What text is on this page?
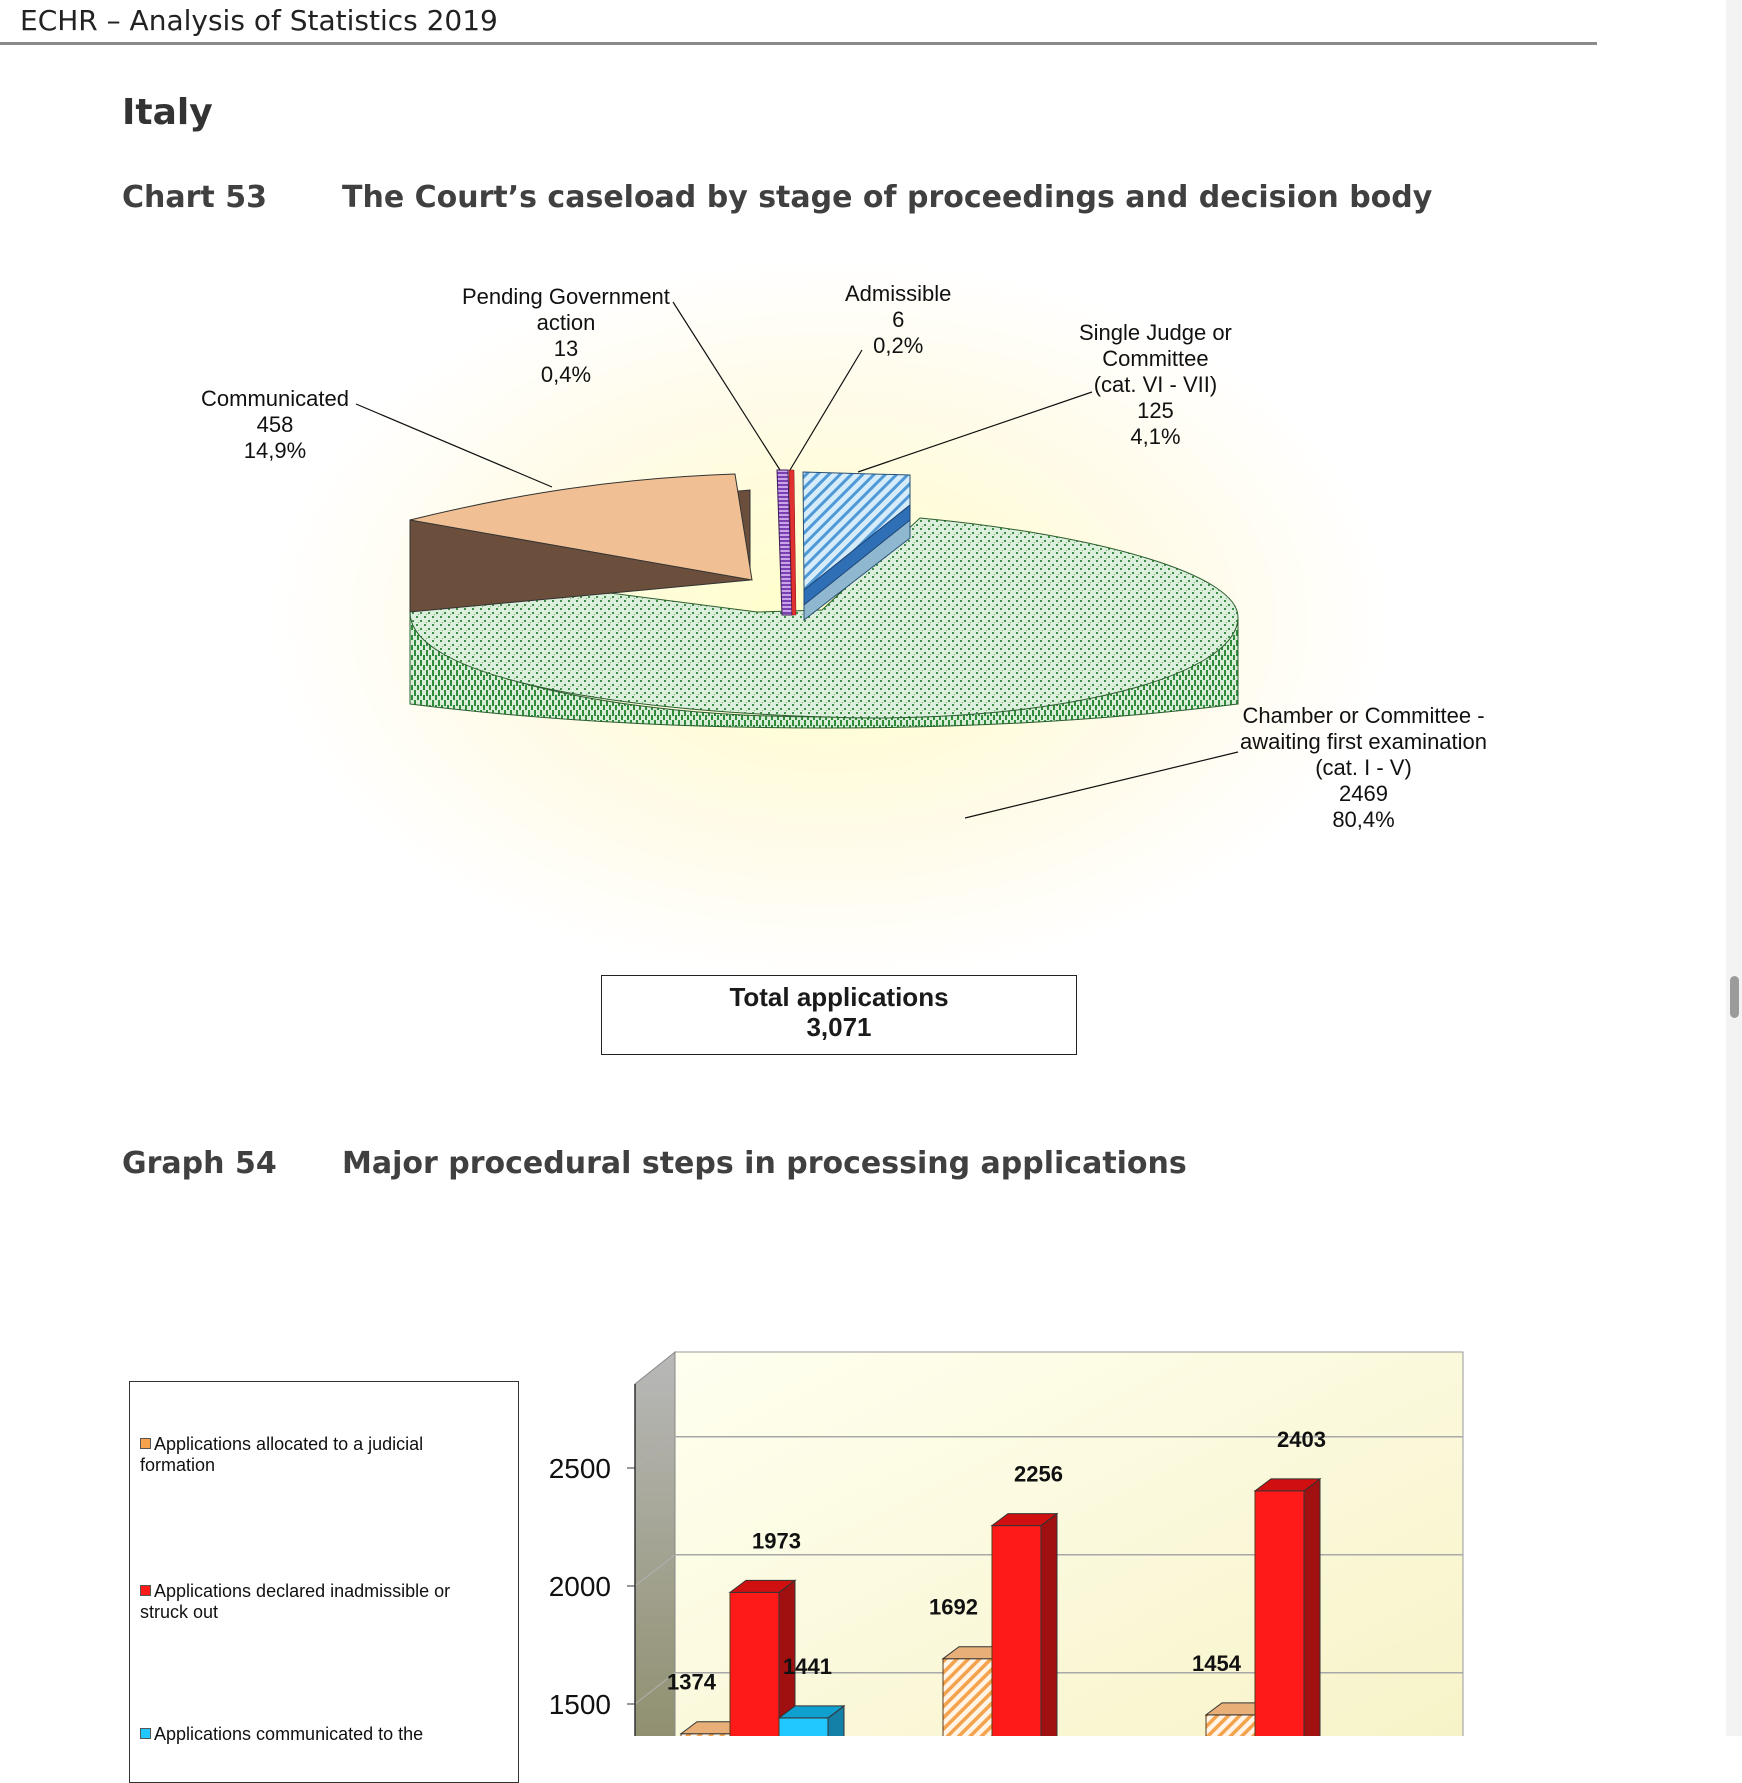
ECHR – Analysis of Statistics 2019
Italy
Chart 53	The Court’s caseload by stage of proceedings and decision body
Pending Government
action
13
0,4%
Admissible
6
0,2%
Single Judge or
Committee
(cat. VI - VII)
125
4,1%
Communicated
458
14,9%
Chamber or Committee -
awaiting first examination
(cat. I - V)
2469
80,4%
Total applications
3,071
Graph 54 Major procedural steps in processing applications
Applications allocated to a judicial formation
Applications declared inadmissible or struck out
Applications communicated to the
2500
2000
1500
1374
1692
1454
1973
2256
2403
1441
